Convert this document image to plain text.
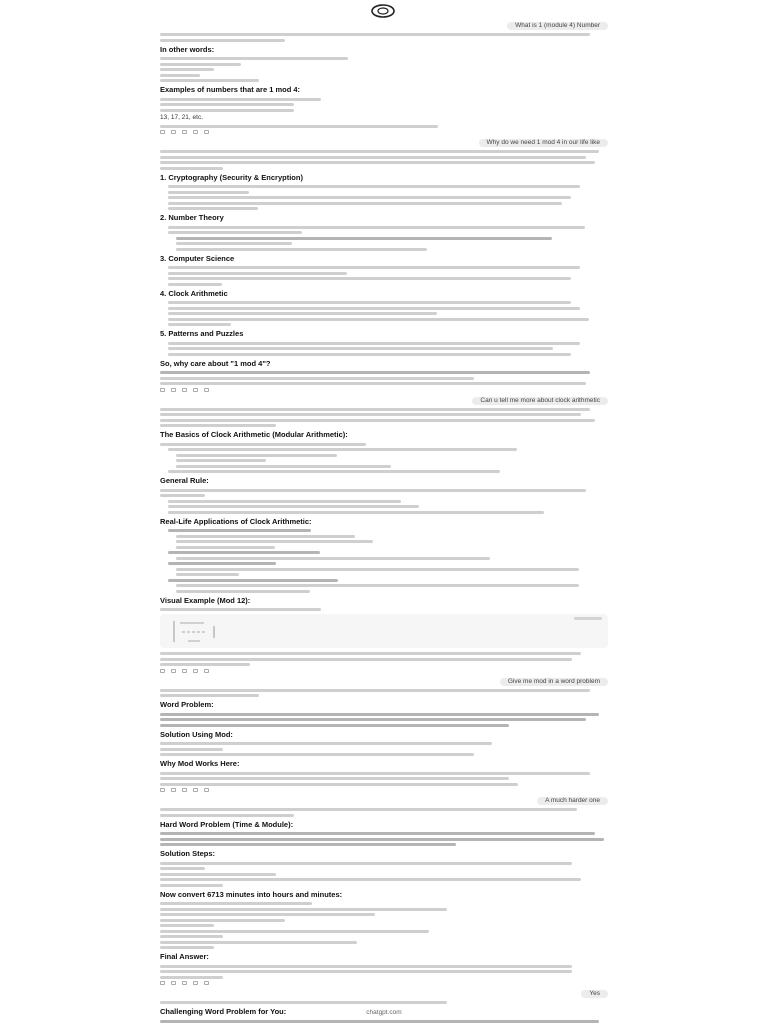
What is 1 (module 4) Number
In other words:
Examples of numbers that are 1 mod 4:

13, 17, 21, etc.

Why do we need 1 mod 4 in our life like
1. Cryptography (Security & Encryption)
2. Number Theory
3. Computer Science
4. Clock Arithmetic
5. Patterns and Puzzles
So, why care about "1 mod 4"?
Can u tell me more about clock arithmetic
The Basics of Clock Arithmetic (Modular Arithmetic):
General Rule:
Real-Life Applications of Clock Arithmetic:
Visual Example (Mod 12):
Give me mod in a word problem
Word Problem:
Solution Using Mod:
Why Mod Works Here:
A much harder one
Hard Word Problem (Time & Module):
Solution Steps:
Now convert 6713 minutes into hours and minutes:
Final Answer:
Yes
Challenging Word Problem for You:	chatgpt.com
